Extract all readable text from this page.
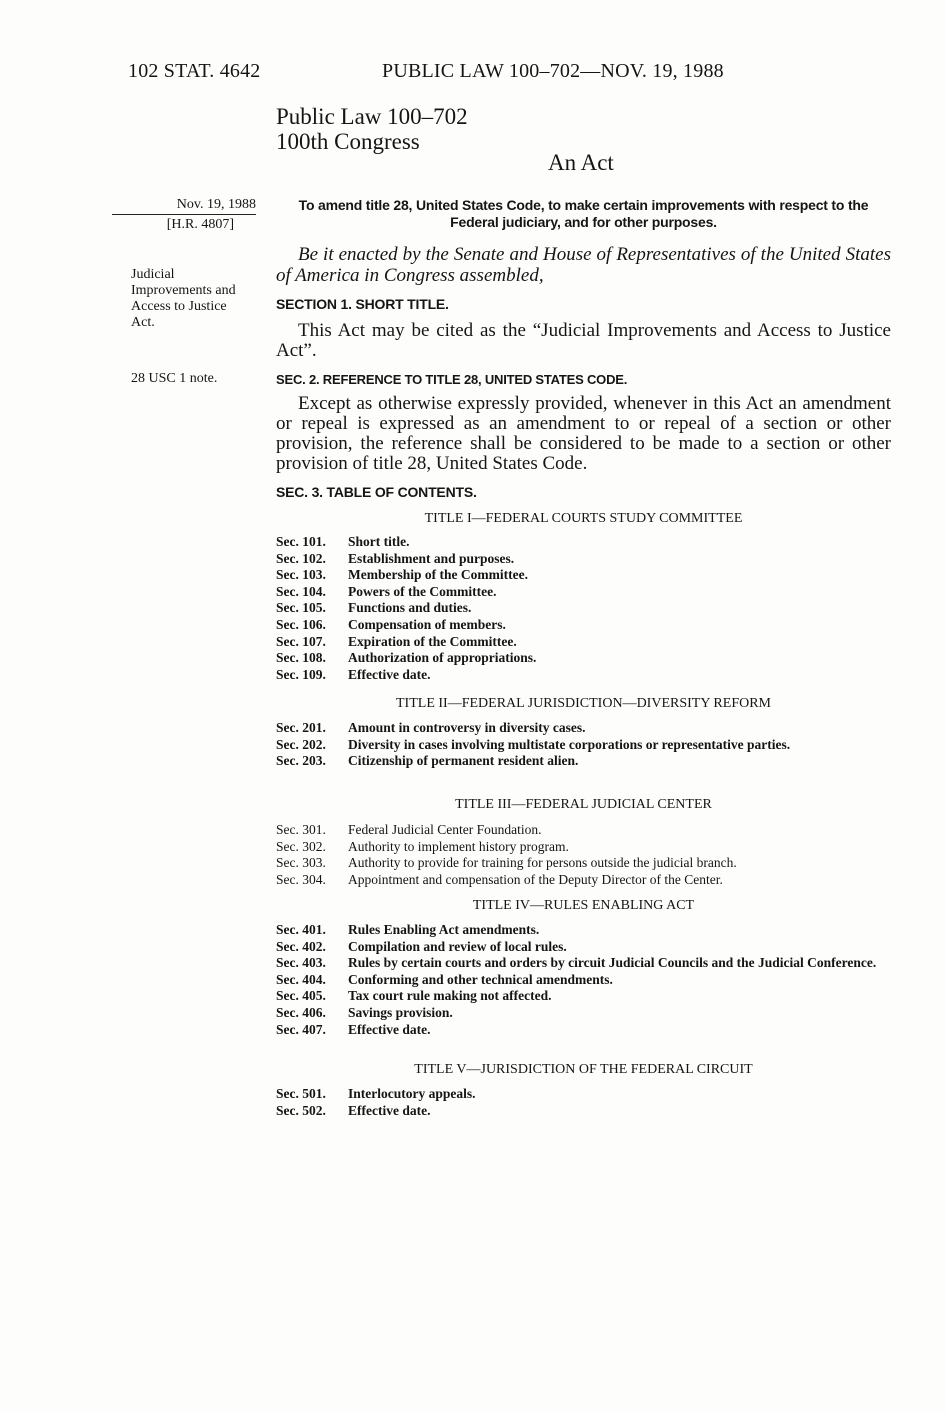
102 STAT. 4642	PUBLIC LAW 100–702—NOV. 19, 1988
Public Law 100–702
100th Congress
An Act
Nov. 19, 1988
[H.R. 4807]
Judicial Improvements and Access to Justice Act.
28 USC 1 note.
To amend title 28, United States Code, to make certain improvements with respect to the Federal judiciary, and for other purposes.
Be it enacted by the Senate and House of Representatives of the United States of America in Congress assembled,
SECTION 1. SHORT TITLE.
This Act may be cited as the “Judicial Improvements and Access to Justice Act”.
SEC. 2. REFERENCE TO TITLE 28, UNITED STATES CODE.
Except as otherwise expressly provided, whenever in this Act an amendment or repeal is expressed as an amendment to or repeal of a section or other provision, the reference shall be considered to be made to a section or other provision of title 28, United States Code.
SEC. 3. TABLE OF CONTENTS.
TITLE I—FEDERAL COURTS STUDY COMMITTEE
Sec. 101.	Short title.
Sec. 102.	Establishment and purposes.
Sec. 103.	Membership of the Committee.
Sec. 104.	Powers of the Committee.
Sec. 105.	Functions and duties.
Sec. 106.	Compensation of members.
Sec. 107.	Expiration of the Committee.
Sec. 108.	Authorization of appropriations.
Sec. 109.	Effective date.
TITLE II—FEDERAL JURISDICTION—DIVERSITY REFORM
Sec. 201.	Amount in controversy in diversity cases.
Sec. 202.	Diversity in cases involving multistate corporations or representative parties.
Sec. 203.	Citizenship of permanent resident alien.
TITLE III—FEDERAL JUDICIAL CENTER
Sec. 301.	Federal Judicial Center Foundation.
Sec. 302.	Authority to implement history program.
Sec. 303.	Authority to provide for training for persons outside the judicial branch.
Sec. 304.	Appointment and compensation of the Deputy Director of the Center.
TITLE IV—RULES ENABLING ACT
Sec. 401.	Rules Enabling Act amendments.
Sec. 402.	Compilation and review of local rules.
Sec. 403.	Rules by certain courts and orders by circuit Judicial Councils and the Judicial Conference.
Sec. 404.	Conforming and other technical amendments.
Sec. 405.	Tax court rule making not affected.
Sec. 406.	Savings provision.
Sec. 407.	Effective date.
TITLE V—JURISDICTION OF THE FEDERAL CIRCUIT
Sec. 501.	Interlocutory appeals.
Sec. 502.	Effective date.
